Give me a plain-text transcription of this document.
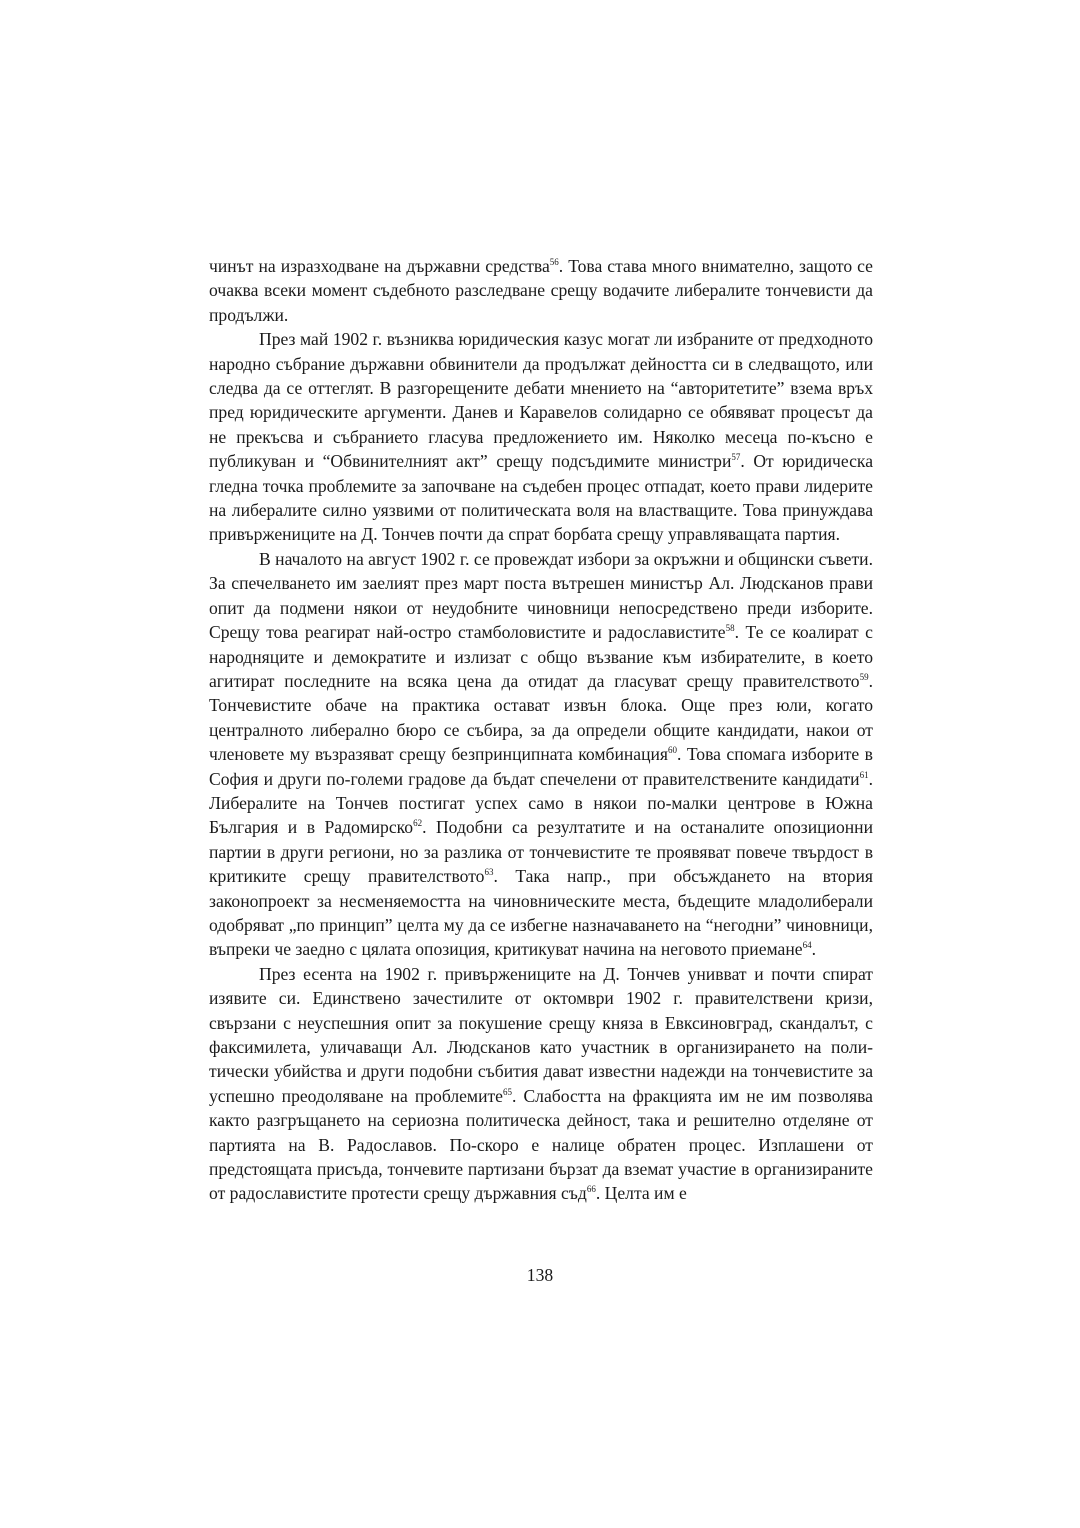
чинът на изразходване на държавни средства$^{56}$. Това става много внимателно, защото се очаква всеки момент съдебното разследване срещу водачите либералите тончевисти да продължи.

През май 1902 г. възниква юридическия казус могат ли избраните от предходното народно събрание държавни обвинители да продължат дейността си в следващото, или следва да се оттеглят. В разгорещените дебати мнението на “авторитетите” взема връх пред юридическите аргументи. Данев и Каравелов солидарно се обявяват процесът да не прекъсва и събранието гласува предложението им. Няколко месеца по-късно е публикуван и “Обвинителният акт” срещу подсъдимите министри$^{57}$. От юридическа гледна точка проблемите за започване на съдебен процес отпадат, което прави лидерите на либералите силно уязвими от политическата воля на властващите. Това принуждава привържениците на Д. Тончев почти да спрат борбата срещу управляващата партия.

В началото на август 1902 г. се провеждат избори за окръжни и общински съвети. За спечелването им заелият през март поста вътрешен министър Ал. Людсканов прави опит да подмени някои от неудобните чиновници непосредствено преди изборите. Срещу това реагират най-остро стамболовистите и радославистите$^{58}$. Те се коалират с народняците и демократите и излизат с общо възвание към избирателите, в което агитират последните на всяка цена да отидат да гласуват срещу правителството$^{59}$. Тончевистите обаче на практика остават извън блока. Още през юли, когато централното либерално бюро се събира, за да определи общите кандидати, накои от членовете му възразяват срещу безпринципната комбинация$^{60}$. Това спомага изборите в София и други по-големи градове да бъдат спечелени от правителствените кандидати$^{61}$. Либералите на Тончев постигат успех само в някои по-малки центрове в Южна България и в Радомирско$^{62}$. Подобни са резултатите и на останалите опозиционни партии в други региони, но за разлика от тончевистите те проявяват повече твърдост в критиките срещу правителството$^{63}$. Така напр., при обсъждането на втория законопроект за несменяемостта на чиновническите места, бъдещите младолиберали одобряват „по принцип” целта му да се избегне назначаването на “негодни” чиновници, въпреки че заедно с цялата опозиция, критикуват начина на неговото приемане$^{64}$.

През есента на 1902 г. привържениците на Д. Тончев унивват и почти спират изявите си. Единствено зачестилите от октомври 1902 г. правителствени кризи, свързани с неуспешния опит за покушение срещу княза в Евксиновград, скандалът, с факсимилета, уличаващи Ал. Людсканов като участник в организирането на политически убийства и други подобни събития дават известни надежди на тончевистите за успешно преодоляване на проблемите$^{65}$. Слабостта на фракцията им не им позволява както разгръщането на сериозна политическа дейност, така и решително отделяне от партията на В. Радославов. По-скоро е налице обратен процес. Изплашени от предстоящата присъда, тончевите партизани бързат да вземат участие в организираните от радославистите протести срещу държавния съд$^{66}$. Целта им е

138
